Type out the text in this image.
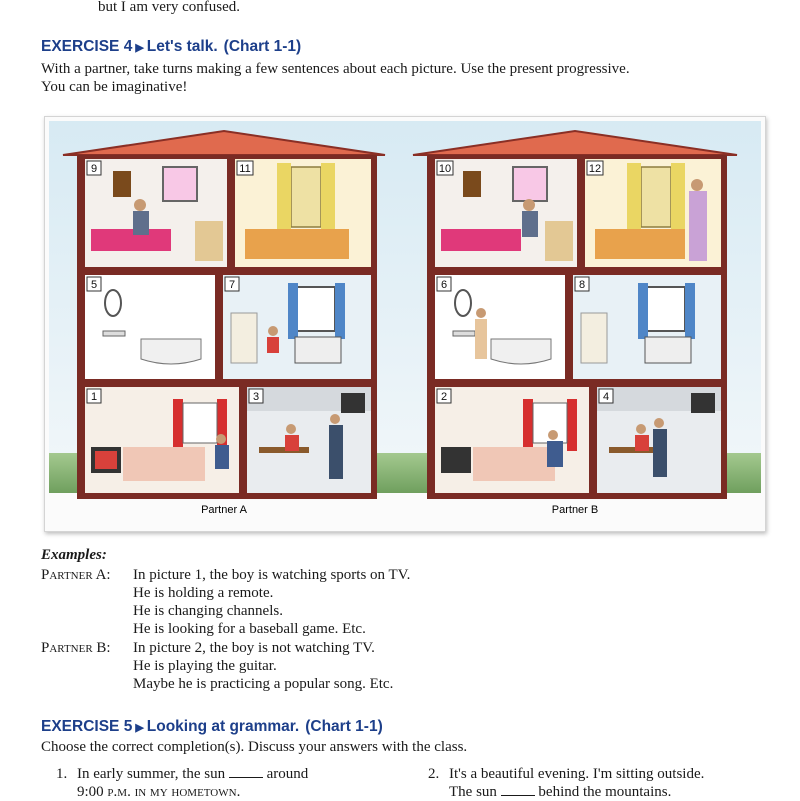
but I am very confused.
EXERCISE 4 ▶ Let's talk. (Chart 1-1)
With a partner, take turns making a few sentences about each picture. Use the present progressive.
You can be imaginative!
Partner A	Partner B
9	11
5	7
1	3
10	12
6	8
2	4
Examples:
Partner A: In picture 1, the boy is watching sports on TV.
He is holding a remote.
He is changing channels.
He is looking for a baseball game. Etc.
Partner B: In picture 2, the boy is not watching TV.
He is playing the guitar.
Maybe he is practicing a popular song. Etc.
EXERCISE 5 ▶ Looking at grammar. (Chart 1-1)
Choose the correct completion(s). Discuss your answers with the class.
1. In early summer, the sun	around
9:00 p.m. in my hometown.
2. It's a beautiful evening. I'm sitting outside.
The sun	behind the mountains.
